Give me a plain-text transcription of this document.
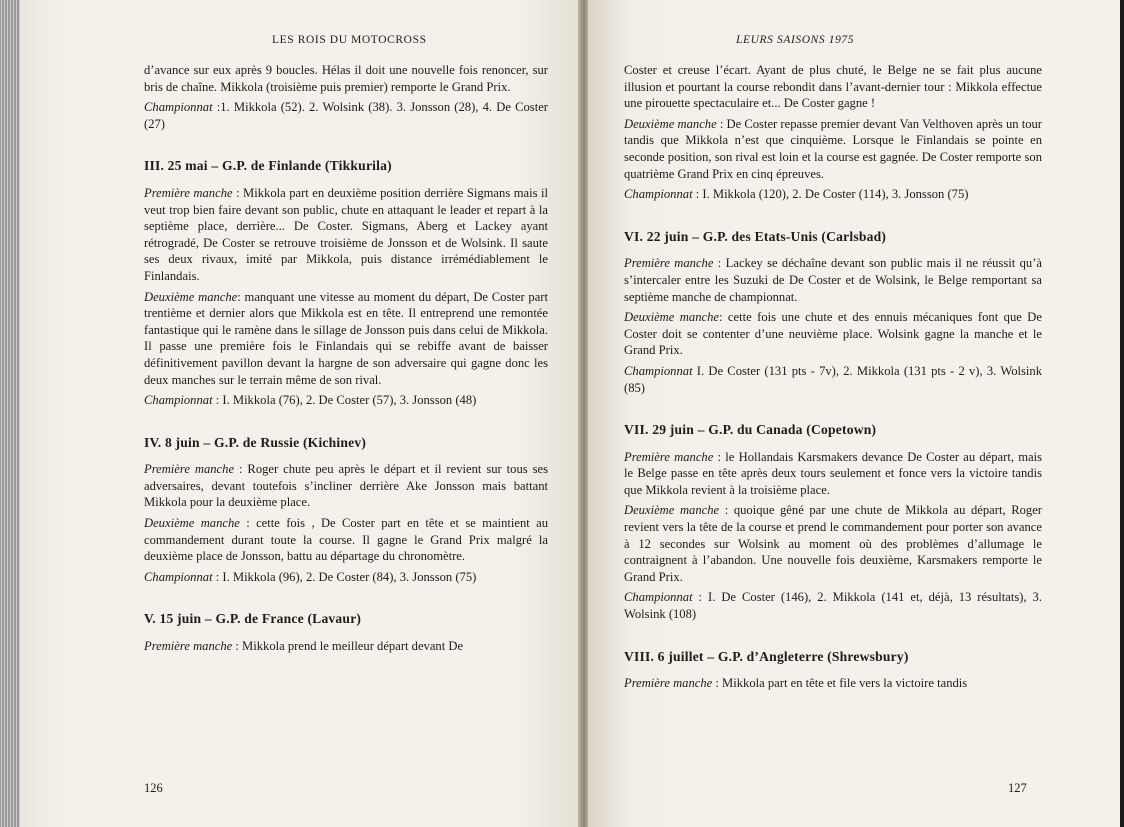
LES ROIS DU MOTOCROSS

d’avance sur eux après 9 boucles. Hélas il doit une nouvelle fois renoncer, sur bris de chaîne. Mikkola (troisième puis premier) remporte le Grand Prix.

Championnat :1. Mikkola (52). 2. Wolsink (38). 3. Jonsson (28), 4. De Coster (27)

III. 25 mai – G.P. de Finlande (Tikkurila)

Première manche : Mikkola part en deuxième position derrière Sigmans mais il veut trop bien faire devant son public, chute en attaquant le leader et repart à la septième place, derrière... De Coster. Sigmans, Aberg et Lackey ayant rétrogradé, De Coster se retrouve troisième de Jonsson et de Wolsink. Il saute ses deux rivaux, imité par Mikkola, puis distance irrémédiablement le Finlandais.

Deuxième manche: manquant une vitesse au moment du départ, De Coster part trentième et dernier alors que Mikkola est en tête. Il entreprend une remontée fantastique qui le ramène dans le sillage de Jonsson puis dans celui de Mikkola. Il passe une première fois le Finlandais qui se rebiffe avant de baisser définitivement pavillon devant la hargne de son adversaire qui gagne donc les deux manches sur le terrain même de son rival.

Championnat : I. Mikkola (76), 2. De Coster (57), 3. Jonsson (48)

IV. 8 juin – G.P. de Russie (Kichinev)

Première manche : Roger chute peu après le départ et il revient sur tous ses adversaires, devant toutefois s’incliner derrière Ake Jonsson mais battant Mikkola pour la deuxième place.

Deuxième manche : cette fois , De Coster part en tête et se maintient au commandement durant toute la course. Il gagne le Grand Prix malgré la deuxième place de Jonsson, battu au départage du chronomètre.

Championnat : I. Mikkola (96), 2. De Coster (84), 3. Jonsson (75)

V. 15 juin – G.P. de France (Lavaur)

Première manche : Mikkola prend le meilleur départ devant De

126
LEURS SAISONS 1975

Coster et creuse l’écart. Ayant de plus chuté, le Belge ne se fait plus aucune illusion et pourtant la course rebondit dans l’avant-dernier tour : Mikkola effectue une pirouette spectaculaire et... De Coster gagne !

Deuxième manche : De Coster repasse premier devant Van Velthoven après un tour tandis que Mikkola n’est que cinquième. Lorsque le Finlandais se pointe en seconde position, son rival est loin et la course est gagnée. De Coster remporte son quatrième Grand Prix en cinq épreuves.

Championnat : I. Mikkola (120), 2. De Coster (114), 3. Jonsson (75)

VI. 22 juin – G.P. des Etats-Unis (Carlsbad)

Première manche : Lackey se déchaîne devant son public mais il ne réussit qu’à s’intercaler entre les Suzuki de De Coster et de Wolsink, le Belge remportant sa septième manche de championnat.

Deuxième manche: cette fois une chute et des ennuis mécaniques font que De Coster doit se contenter d’une neuvième place. Wolsink gagne la manche et le Grand Prix.

Championnat I. De Coster (131 pts - 7v), 2. Mikkola (131 pts - 2 v), 3. Wolsink (85)

VII. 29 juin – G.P. du Canada (Copetown)

Première manche : le Hollandais Karsmakers devance De Coster au départ, mais le Belge passe en tête après deux tours seulement et fonce vers la victoire tandis que Mikkola revient à la troisième place.

Deuxième manche : quoique gêné par une chute de Mikkola au départ, Roger revient vers la tête de la course et prend le commandement pour porter son avance à 12 secondes sur Wolsink au moment où des problèmes d’allumage le contraignent à l’abandon. Une nouvelle fois deuxième, Karsmakers remporte le Grand Prix.

Championnat : I. De Coster (146), 2. Mikkola (141 et, déjà, 13 résultats), 3. Wolsink (108)

VIII. 6 juillet – G.P. d’Angleterre (Shrewsbury)

Première manche : Mikkola part en tête et file vers la victoire tandis

127
